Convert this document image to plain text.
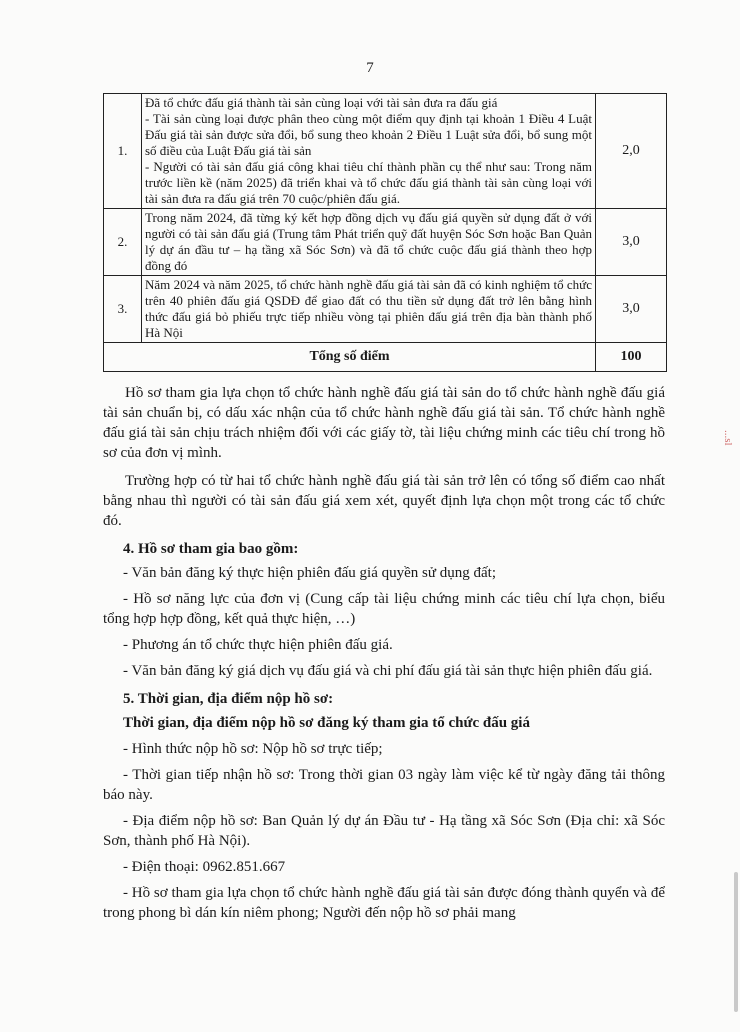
7
1.	Đã tổ chức đấu giá thành tài sản cùng loại với tài sản đưa ra đấu giá
- Tài sản cùng loại được phân theo cùng một điểm quy định tại khoản 1 Điều 4 Luật Đấu giá tài sản được sửa đổi, bổ sung theo khoản 2 Điều 1 Luật sửa đổi, bổ sung một số điều của Luật Đấu giá tài sản
- Người có tài sản đấu giá công khai tiêu chí thành phần cụ thể như sau: Trong năm trước liền kề (năm 2025) đã triển khai và tổ chức đấu giá thành tài sản cùng loại với tài sản đưa ra đấu giá trên 70 cuộc/phiên đấu giá.	2,0
2.	Trong năm 2024, đã từng ký kết hợp đồng dịch vụ đấu giá quyền sử dụng đất ở với người có tài sản đấu giá (Trung tâm Phát triển quỹ đất huyện Sóc Sơn hoặc Ban Quản lý dự án đầu tư – hạ tầng xã Sóc Sơn) và đã tổ chức cuộc đấu giá thành theo hợp đồng đó	3,0
3.	Năm 2024 và năm 2025, tổ chức hành nghề đấu giá tài sản đã có kinh nghiệm tổ chức trên 40 phiên đấu giá QSDĐ để giao đất có thu tiền sử dụng đất trở lên bằng hình thức đấu giá bỏ phiếu trực tiếp nhiều vòng tại phiên đấu giá trên địa bàn thành phố Hà Nội	3,0
Tổng số điểm		100

Hồ sơ tham gia lựa chọn tổ chức hành nghề đấu giá tài sản do tổ chức hành nghề đấu giá tài sản chuẩn bị, có dấu xác nhận của tổ chức hành nghề đấu giá tài sản. Tổ chức hành nghề đấu giá tài sản chịu trách nhiệm đối với các giấy tờ, tài liệu chứng minh các tiêu chí trong hồ sơ của đơn vị mình.

Trường hợp có từ hai tổ chức hành nghề đấu giá tài sản trở lên có tổng số điểm cao nhất bằng nhau thì người có tài sản đấu giá xem xét, quyết định lựa chọn một trong các tổ chức đó.

4. Hồ sơ tham gia bao gồm:

- Văn bản đăng ký thực hiện phiên đấu giá quyền sử dụng đất;

- Hồ sơ năng lực của đơn vị (Cung cấp tài liệu chứng minh các tiêu chí lựa chọn, biểu tổng hợp hợp đồng, kết quả thực hiện, …)

- Phương án tổ chức thực hiện phiên đấu giá.

- Văn bản đăng ký giá dịch vụ đấu giá và chi phí đấu giá tài sản thực hiện phiên đấu giá.

5. Thời gian, địa điểm nộp hồ sơ:

Thời gian, địa điểm nộp hồ sơ đăng ký tham gia tổ chức đấu giá

- Hình thức nộp hồ sơ: Nộp hồ sơ trực tiếp;

- Thời gian tiếp nhận hồ sơ: Trong thời gian 03 ngày làm việc kể từ ngày đăng tải thông báo này.

- Địa điểm nộp hồ sơ: Ban Quản lý dự án Đầu tư - Hạ tầng xã Sóc Sơn (Địa chỉ: xã Sóc Sơn, thành phố Hà Nội).

- Điện thoại: 0962.851.667

- Hồ sơ tham gia lựa chọn tổ chức hành nghề đấu giá tài sản được đóng thành quyển và để trong phong bì dán kín niêm phong; Người đến nộp hồ sơ phải mang

...sl
